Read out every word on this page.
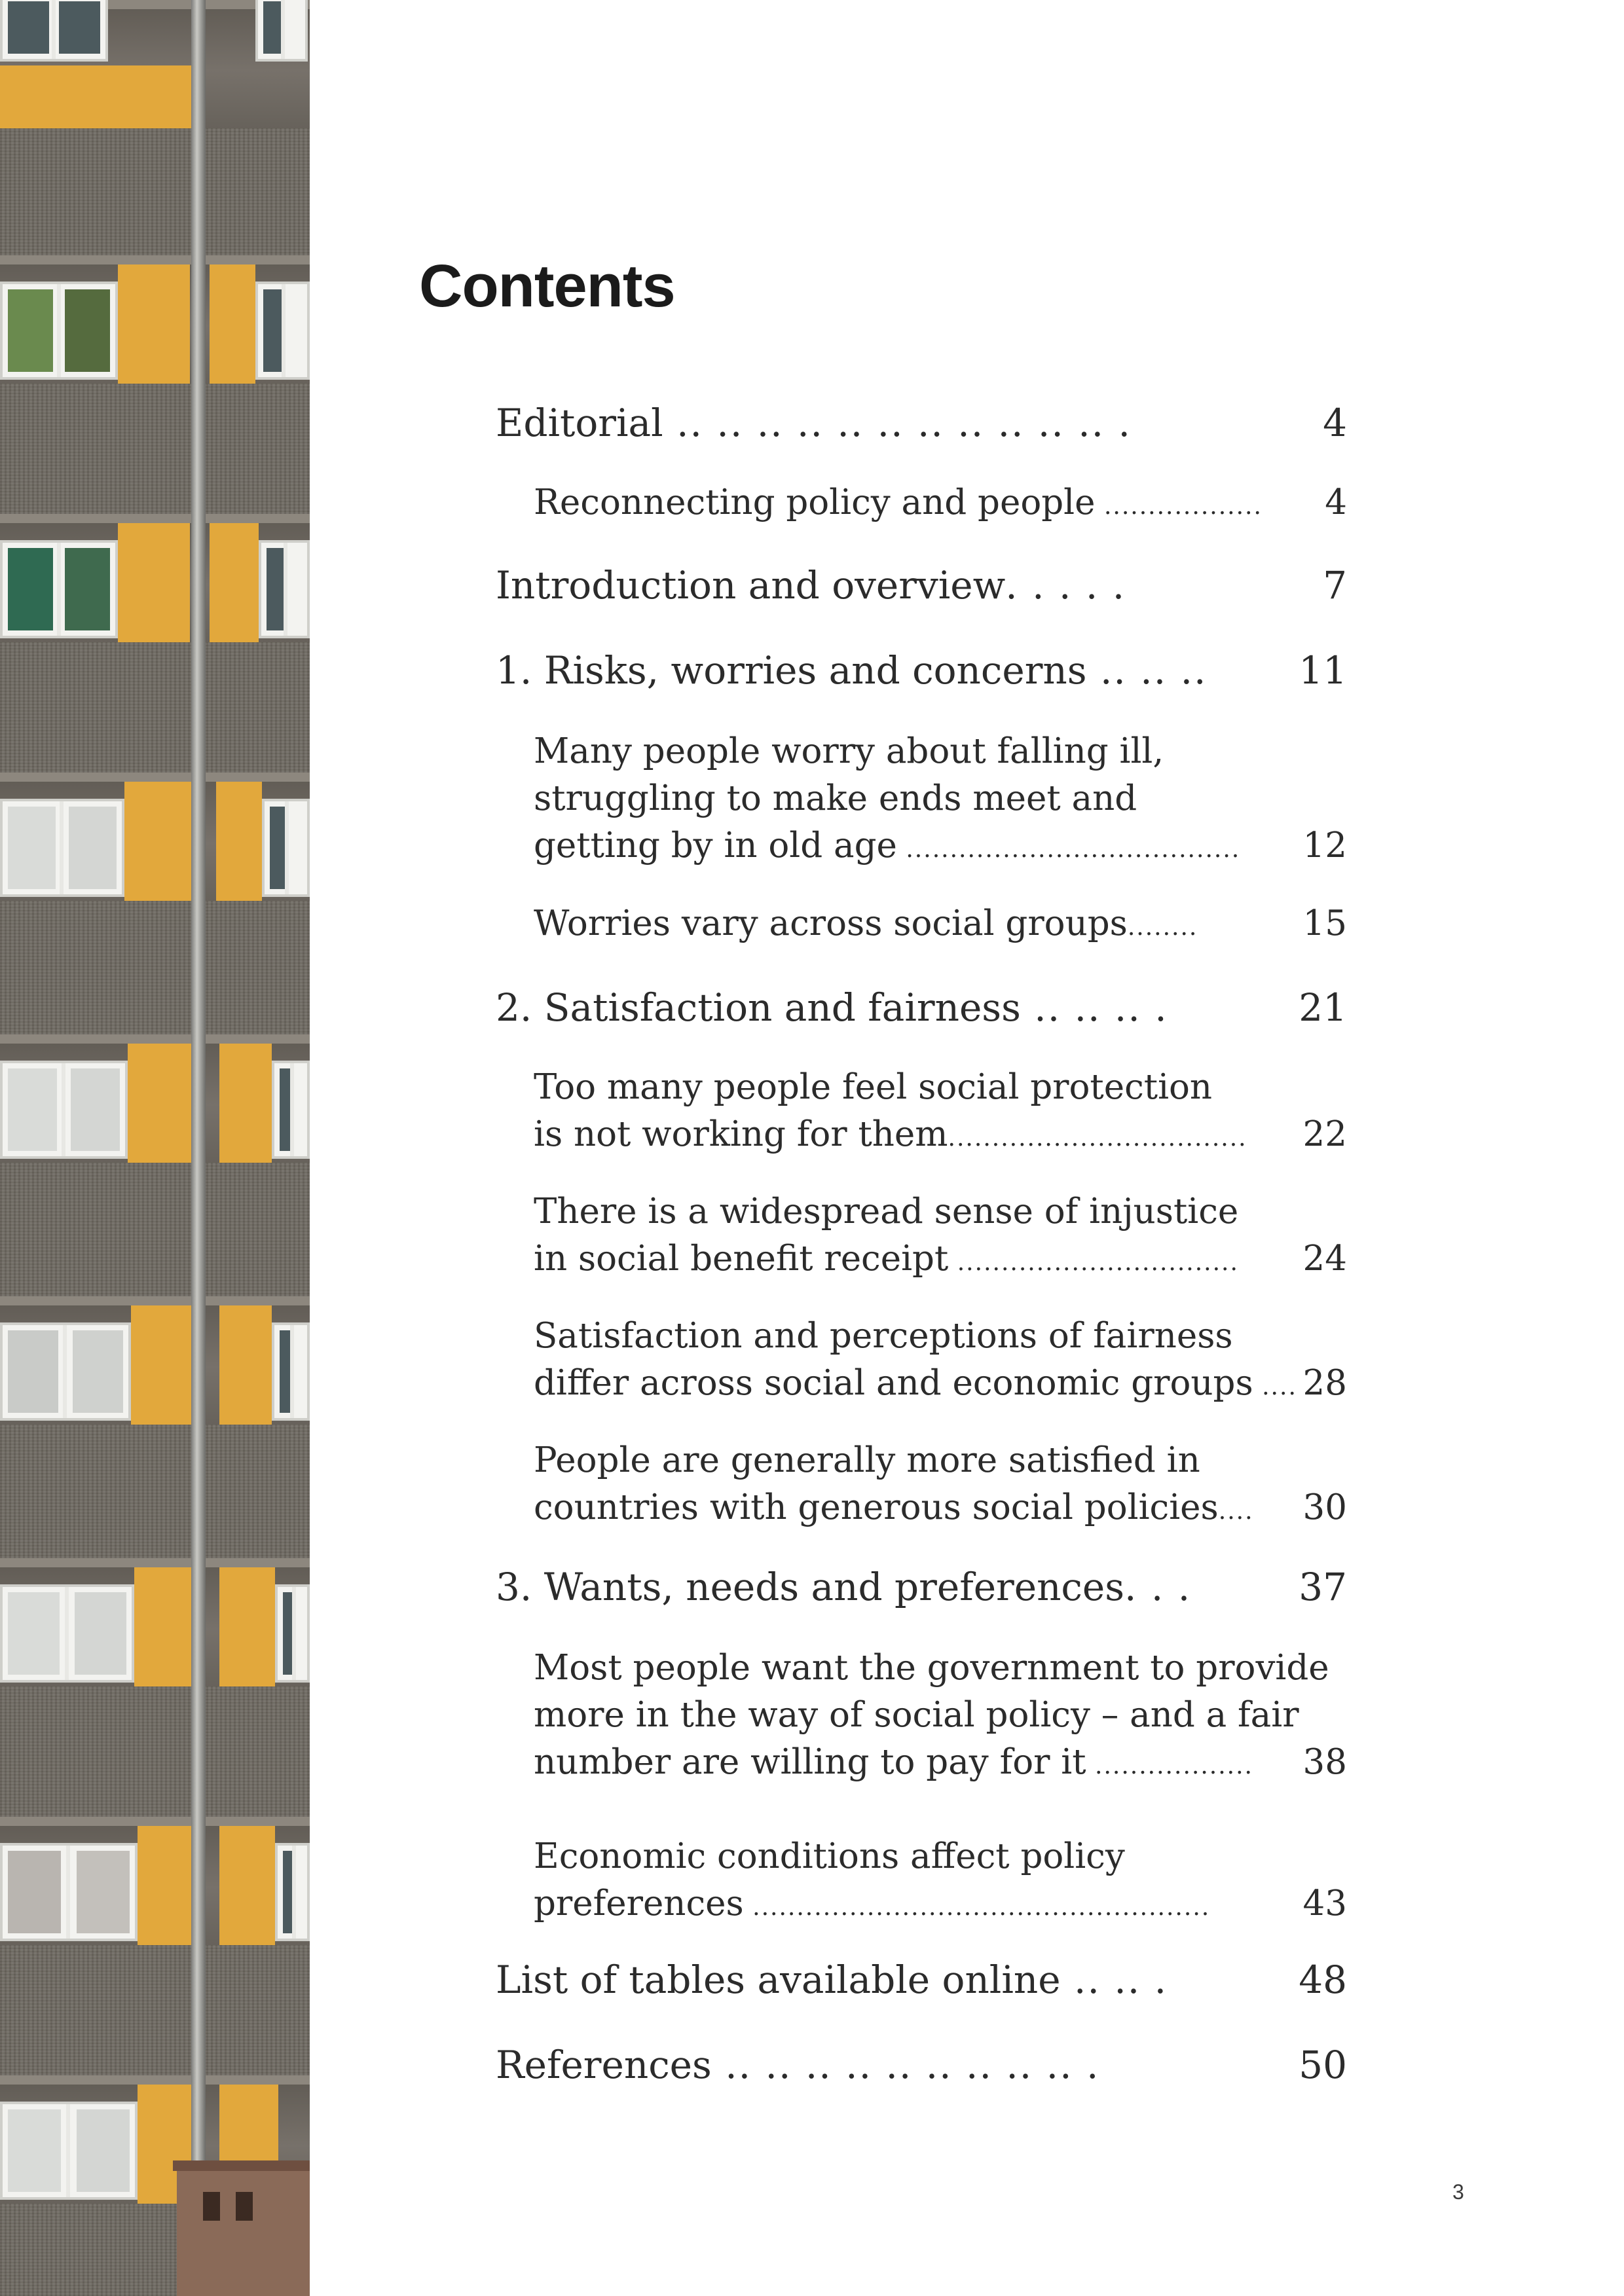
Contents
Editorial .. .. .. .. .. .. .. .. .. .. .. .	4
Reconnecting policy and people .................. 4
Introduction and overview. . . . .	7
1. Risks, worries and concerns .. .. .. 11
Many people worry about falling ill,
struggling to make ends meet and
getting by in old age ...................................... 12
Worries vary across social groups........	15
2. Satisfaction and fairness .. .. .. .	21
Too many people feel social protection
is not working for them.................................. 22
There is a widespread sense of injustice
in social benefit receipt ................................ 24
Satisfaction and perceptions of fairness
differ across social and economic groups .... 28
People are generally more satisfied in
countries with generous social policies.... 30
3. Wants, needs and preferences. . .	37
Most people want the government to provide
more in the way of social policy – and a fair
number are willing to pay for it ..................	38
Economic conditions affect policy
preferences ....................................................	43
List of tables available online .. .. .	48
References .. .. .. .. .. .. .. .. .. .	50
3
